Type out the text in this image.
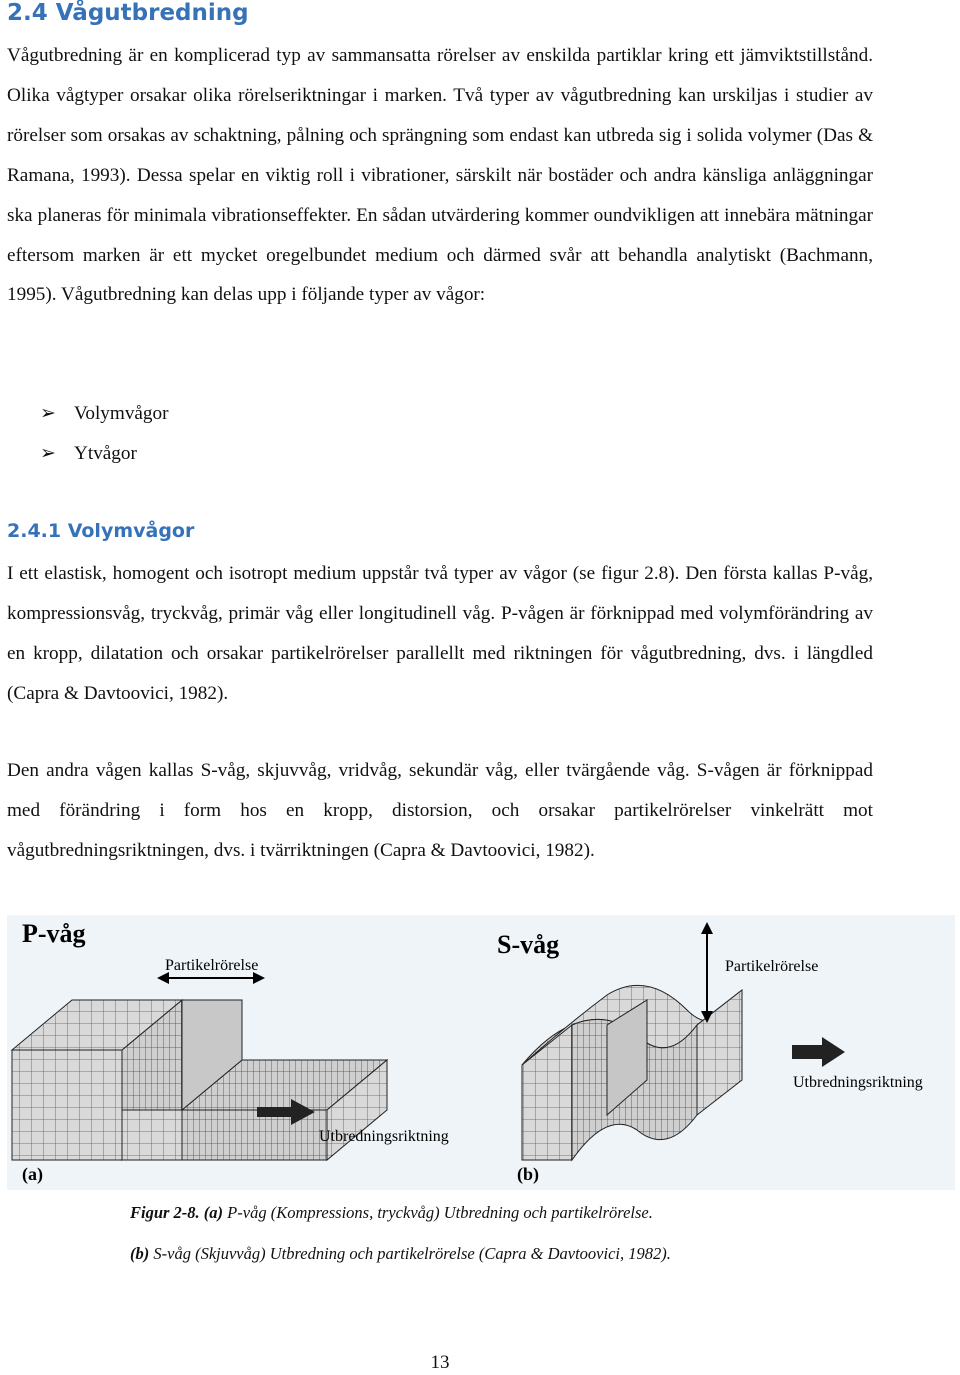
2.4 Vågutbredning
Vågutbredning är en komplicerad typ av sammansatta rörelser av enskilda partiklar kring ett jämviktstillstånd. Olika vågtyper orsakar olika rörelseriktningar i marken. Två typer av vågutbredning kan urskiljas i studier av rörelser som orsakas av schaktning, pålning och sprängning som endast kan utbreda sig i solida volymer (Das & Ramana, 1993). Dessa spelar en viktig roll i vibrationer, särskilt när bostäder och andra känsliga anläggningar ska planeras för minimala vibrationseffekter. En sådan utvärdering kommer oundvikligen att innebära mätningar eftersom marken är ett mycket oregelbundet medium och därmed svår att behandla analytiskt (Bachmann, 1995). Vågutbredning kan delas upp i följande typer av vågor:
➢ Volymvågor
➢ Ytvågor
2.4.1 Volymvågor
I ett elastisk, homogent och isotropt medium uppstår två typer av vågor (se figur 2.8). Den första kallas P-våg, kompressionsvåg, tryckvåg, primär våg eller longitudinell våg. P-vågen är förknippad med volymförändring av en kropp, dilatation och orsakar partikelrörelser parallellt med riktningen för vågutbredning, dvs. i längdled (Capra & Davtoovici, 1982).
Den andra vågen kallas S-våg, skjuvvåg, vridvåg, sekundär våg, eller tvärgående våg. S-vågen är förknippad med förändring i form hos en kropp, distorsion, och orsakar partikelrörelser vinkelrätt mot vågutbredningsriktningen, dvs. i tvärriktningen (Capra & Davtoovici, 1982).
P-våg
Partikelrörelse
Utbredningsriktning
(a)
S-våg
Partikelrörelse
Utbredningsriktning
(b)
Figur 2-8. (a) P-våg (Kompressions, tryckvåg) Utbredning och partikelrörelse.
(b) S-våg (Skjuvvåg) Utbredning och partikelrörelse (Capra & Davtoovici, 1982).
13
